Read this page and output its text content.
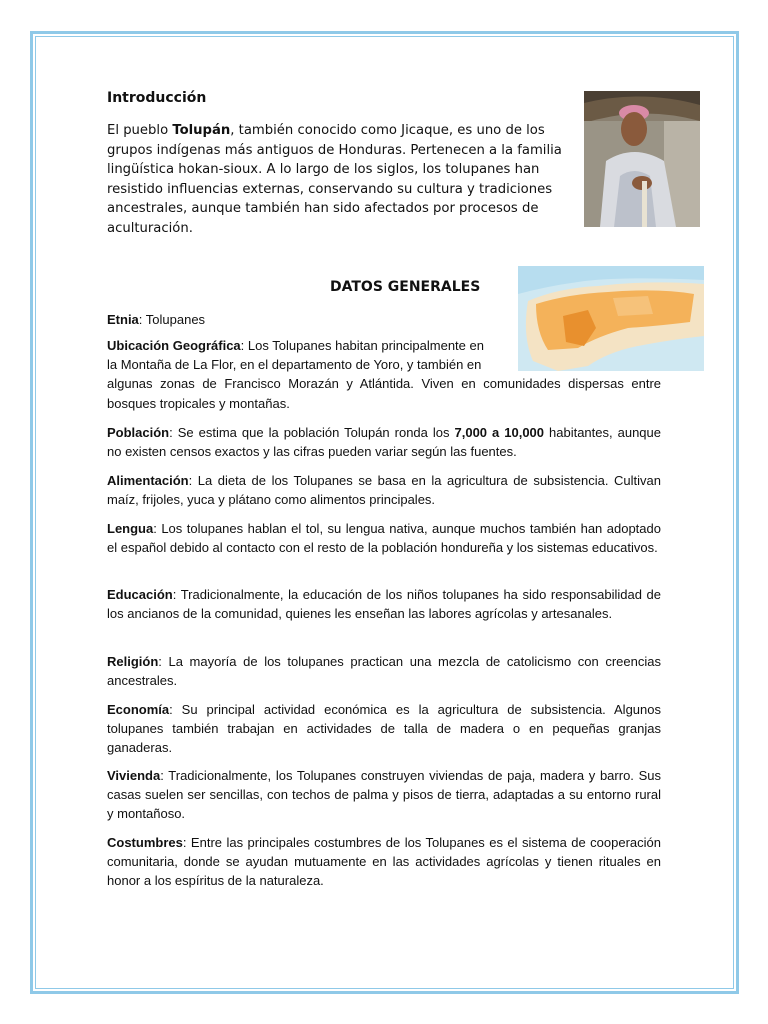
Introducción
El pueblo Tolupán, también conocido como Jicaque, es uno de los grupos indígenas más antiguos de Honduras. Pertenecen a la familia lingüística hokan-sioux. A lo largo de los siglos, los tolupanes han resistido influencias externas, conservando su cultura y tradiciones ancestrales, aunque también han sido afectados por procesos de aculturación.
DATOS GENERALES
Etnia: Tolupanes
Ubicación Geográfica: Los Tolupanes habitan principalmente en
la Montaña de La Flor, en el departamento de Yoro, y también en
algunas zonas de Francisco Morazán y Atlántida. Viven en comunidades dispersas entre bosques tropicales y montañas.
Población: Se estima que la población Tolupán ronda los 7,000 a 10,000 habitantes, aunque no existen censos exactos y las cifras pueden variar según las fuentes.
Alimentación: La dieta de los Tolupanes se basa en la agricultura de subsistencia. Cultivan maíz, frijoles, yuca y plátano como alimentos principales.
Lengua: Los tolupanes hablan el tol, su lengua nativa, aunque muchos también han adoptado el español debido al contacto con el resto de la población hondureña y los sistemas educativos.
Educación: Tradicionalmente, la educación de los niños tolupanes ha sido responsabilidad de los ancianos de la comunidad, quienes les enseñan las labores agrícolas y artesanales.
Religión: La mayoría de los tolupanes practican una mezcla de catolicismo con creencias ancestrales.
Economía: Su principal actividad económica es la agricultura de subsistencia. Algunos tolupanes también trabajan en actividades de talla de madera o en pequeñas granjas ganaderas.
Vivienda: Tradicionalmente, los Tolupanes construyen viviendas de paja, madera y barro. Sus casas suelen ser sencillas, con techos de palma y pisos de tierra, adaptadas a su entorno rural y montañoso.
Costumbres: Entre las principales costumbres de los Tolupanes es el sistema de cooperación comunitaria, donde se ayudan mutuamente en las actividades agrícolas y tienen rituales en honor a los espíritus de la naturaleza.
